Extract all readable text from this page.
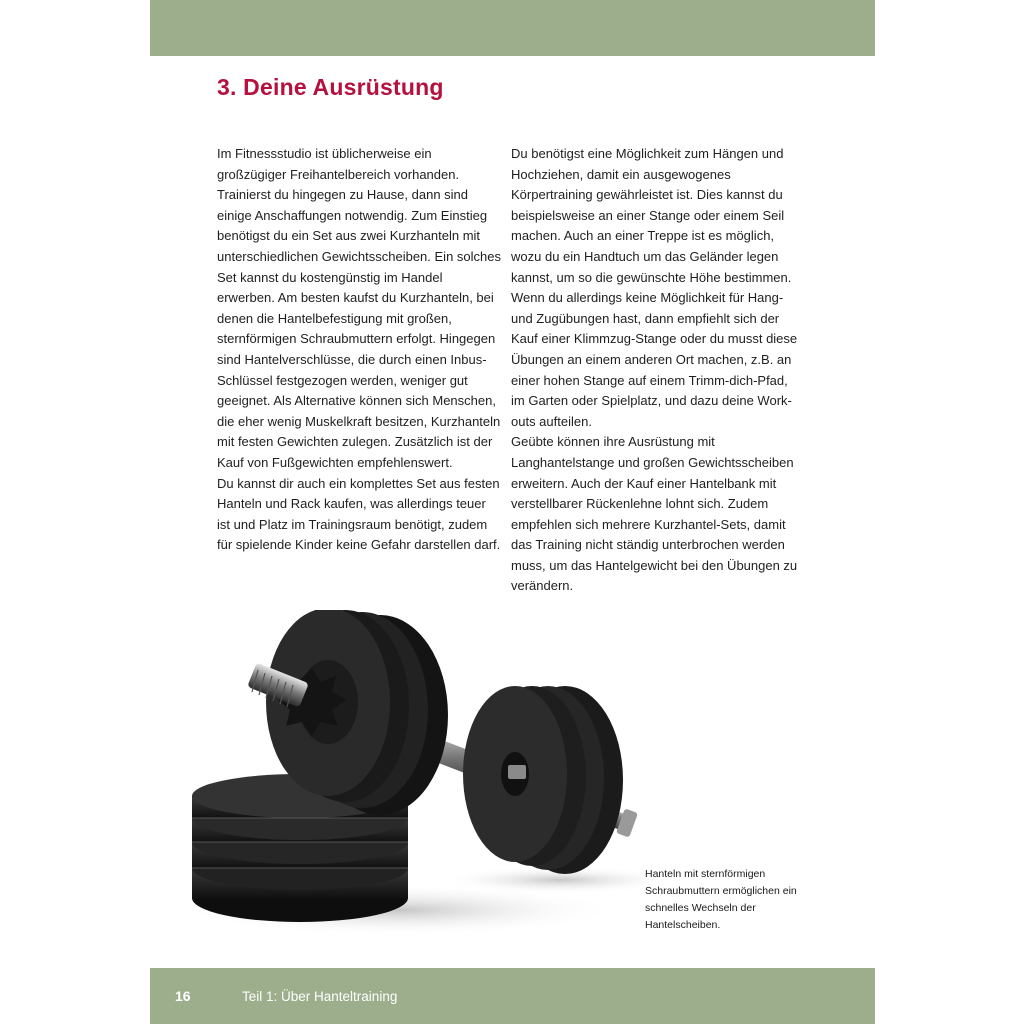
3. Deine Ausrüstung

Im Fitnessstudio ist üblicherweise ein großzügiger Freihantelbereich vorhanden. Trainierst du hingegen zu Hause, dann sind einige Anschaffungen notwendig. Zum Einstieg benötigst du ein Set aus zwei Kurzhanteln mit unterschiedlichen Gewichtsscheiben. Ein solches Set kannst du kostengünstig im Handel erwerben. Am besten kaufst du Kurzhanteln, bei denen die Hantelbefestigung mit großen, sternförmigen Schraubmuttern erfolgt. Hingegen sind Hantelverschlüsse, die durch einen Inbus-Schlüssel festgezogen werden, weniger gut geeignet. Als Alternative können sich Menschen, die eher wenig Muskelkraft besitzen, Kurzhanteln mit festen Gewichten zulegen. Zusätzlich ist der Kauf von Fußgewichten empfehlenswert.

Du kannst dir auch ein komplettes Set aus festen Hanteln und Rack kaufen, was allerdings teuer ist und Platz im Trainingsraum benötigt, zudem für spielende Kinder keine Gefahr darstellen darf.

Du benötigst eine Möglichkeit zum Hängen und Hochziehen, damit ein ausgewogenes Körpertraining gewährleistet ist. Dies kannst du beispielsweise an einer Stange oder einem Seil machen. Auch an einer Treppe ist es möglich, wozu du ein Handtuch um das Geländer legen kannst, um so die gewünschte Höhe bestimmen. Wenn du allerdings keine Möglichkeit für Hang- und Zugübungen hast, dann empfiehlt sich der Kauf einer Klimmzug-Stange oder du musst diese Übungen an einem anderen Ort machen, z.B. an einer hohen Stange auf einem Trimm-dich-Pfad, im Garten oder Spielplatz, und dazu deine Work-outs aufteilen.

Geübte können ihre Ausrüstung mit Langhantelstange und großen Gewichtsscheiben erweitern. Auch der Kauf einer Hantelbank mit verstellbarer Rückenlehne lohnt sich. Zudem empfehlen sich mehrere Kurzhantel-Sets, damit das Training nicht ständig unterbrochen werden muss, um das Hantelgewicht bei den Übungen zu verändern.

Hanteln mit sternförmigen Schraubmuttern ermöglichen ein schnelles Wechseln der Hantelscheiben.
16	Teil 1: Über Hanteltraining
